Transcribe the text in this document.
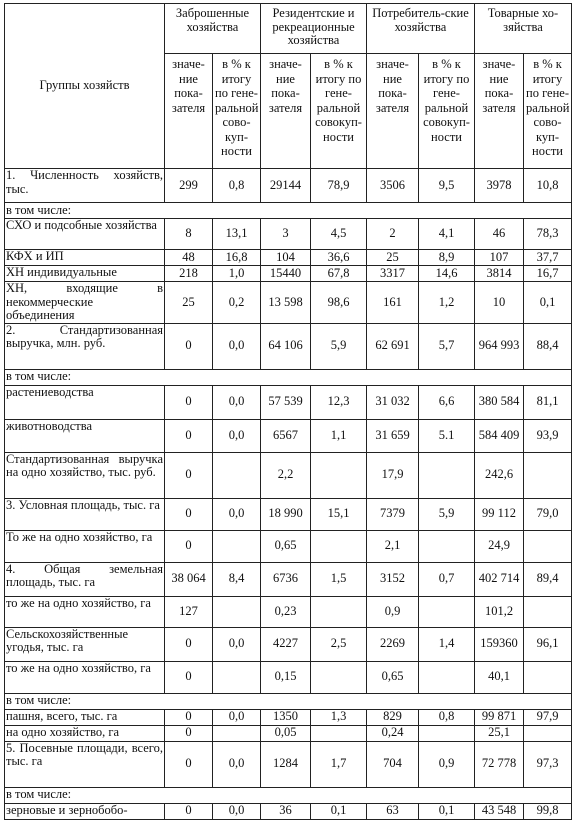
Группы хозяйств	Заброшенные хозяйства		Резидентские и рекреационные хозяйства		Потребитель-ские хозяйства		Товарные хо-зяйства	
	значе-ние пока-зателя	в % к итогу по гене-ральной сово-куп-ности	значе-ние пока-зателя	в % к итогу по гене-ральной совокуп-ности	значе-ние пока-зателя	в % к итогу по гене-ральной совокуп-ности	значе-ние пока-зателя	в % к итогу по гене-ральной сово-куп-ности
1. Численность хозяйств, тыс.	299	0,8	29144	78,9	3506	9,5	3978	10,8
в том числе:								
СХО и подсобные хозяйства	8	13,1	3	4,5	2	4,1	46	78,3
КФХ и ИП	48	16,8	104	36,6	25	8,9	107	37,7
ХН индивидуальные	218	1,0	15440	67,8	3317	14,6	3814	16,7
ХН, входящие в некоммерческие объединения	25	0,2	13 598	98,6	161	1,2	10	0,1
2. Стандартизованная выручка, млн. руб.	0	0,0	64 106	5,9	62 691	5,7	964 993	88,4
в том числе:								
растениеводства	0	0,0	57 539	12,3	31 032	6,6	380 584	81,1
животноводства	0	0,0	6567	1,1	31 659	5.1	584 409	93,9
Стандартизованная выручка на одно хозяйство, тыс. руб.	0		2,2		17,9		242,6	
3. Условная площадь, тыс. га	0	0,0	18 990	15,1	7379	5,9	99 112	79,0
То же на одно хозяйство, га	0		0,65		2,1		24,9	
4. Общая земельная площадь, тыс. га	38 064	8,4	6736	1,5	3152	0,7	402 714	89,4
то же на одно хозяйство, га	127		0,23		0,9		101,2	
Сельскохозяйственные угодья, тыс. га	0	0,0	4227	2,5	2269	1,4	159360	96,1
то же на одно хозяйство, га	0		0,15		0,65		40,1	
в том числе:								
пашня, всего, тыс. га	0	0,0	1350	1,3	829	0,8	99 871	97,9
на одно хозяйство, га	0		0,05		0,24		25,1	
5. Посевные площади, всего, тыс. га	0	0,0	1284	1,7	704	0,9	72 778	97,3
в том числе:								
зерновые и зернобобо-	0	0,0	36	0,1	63	0,1	43 548	99,8
